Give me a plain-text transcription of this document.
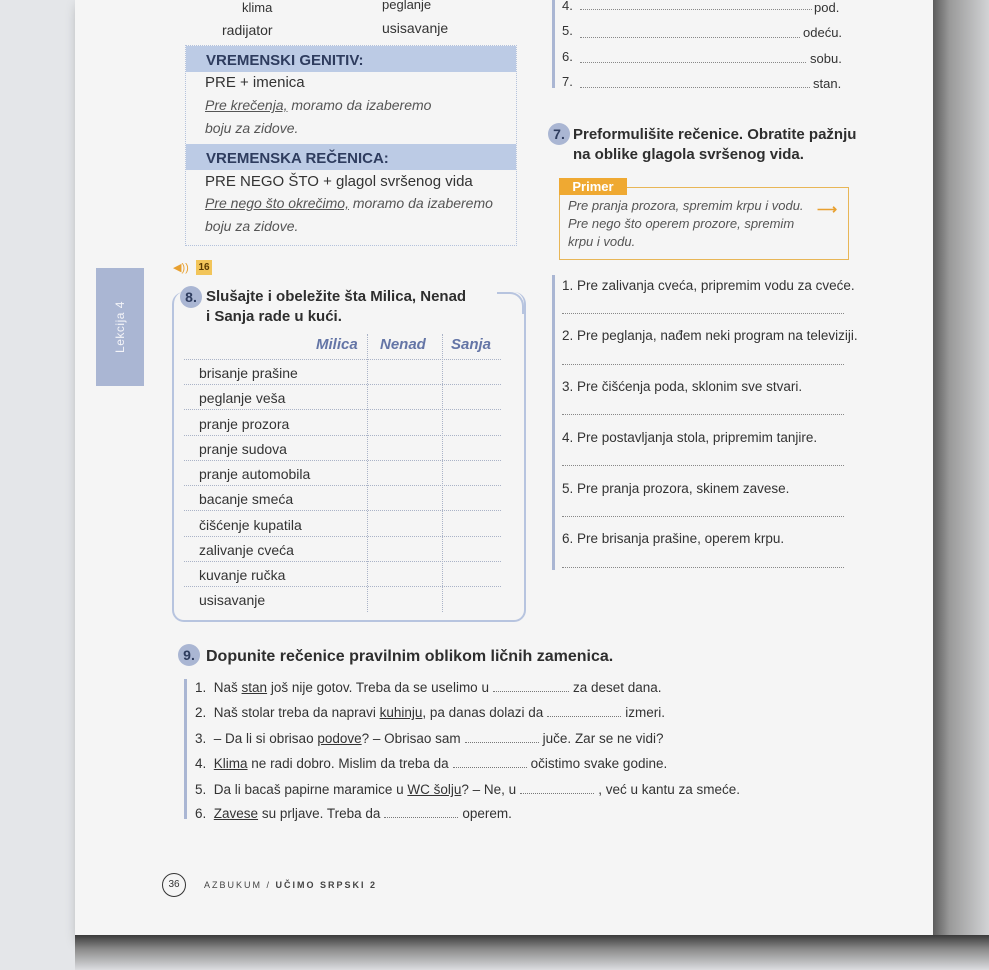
klima	peglanje
radijator	usisavanje
VREMENSKI GENITIV:
PRE + imenica
Pre krečenja, moramo da izaberemo
boju za zidove.
VREMENSKA REČENICA:
PRE NEGO ŠTO + glagol svršenog vida
Pre nego što okrečimo, moramo da izaberemo
boju za zidove.
4.	pod.
5.	odeću.
6.	sobu.
7.	stan.
7. Preformulišite rečenice. Obratite pažnju
na oblike glagola svršenog vida.
Primer
Pre pranja prozora, spremim krpu i vodu. ⟶
Pre nego što operem prozore, spremim
krpu i vodu.
1. Pre zalivanja cveća, pripremim vodu za cveće.
2. Pre peglanja, nađem neki program na televiziji.
3. Pre čišćenja poda, sklonim sve stvari.
4. Pre postavljanja stola, pripremim tanjire.
5. Pre pranja prozora, skinem zavese.
6. Pre brisanja prašine, operem krpu.
◀)) 16
Lekcija 4
8. Slušajte i obeležite šta Milica, Nenad
i Sanja rade u kući.
Milica Nenad Sanja
brisanje prašine
peglanje veša
pranje prozora
pranje sudova
pranje automobila
bacanje smeća
čišćenje kupatila
zalivanje cveća
kuvanje ručka
usisavanje
9. Dopunite rečenice pravilnim oblikom ličnih zamenica.
1. Naš stan još nije gotov. Treba da se uselimo u	za deset dana.
2. Naš stolar treba da napravi kuhinju, pa danas dolazi da	izmeri.
3. – Da li si obrisao podove? – Obrisao sam	juče. Zar se ne vidi?
4. Klima ne radi dobro. Mislim da treba da	očistimo svake godine.
5. Da li bacaš papirne maramice u WC šolju? – Ne, u	, već u kantu za smeće.
6. Zavese su prljave. Treba da	operem.
36	AZBUKUM / UČIMO SRPSKI 2
